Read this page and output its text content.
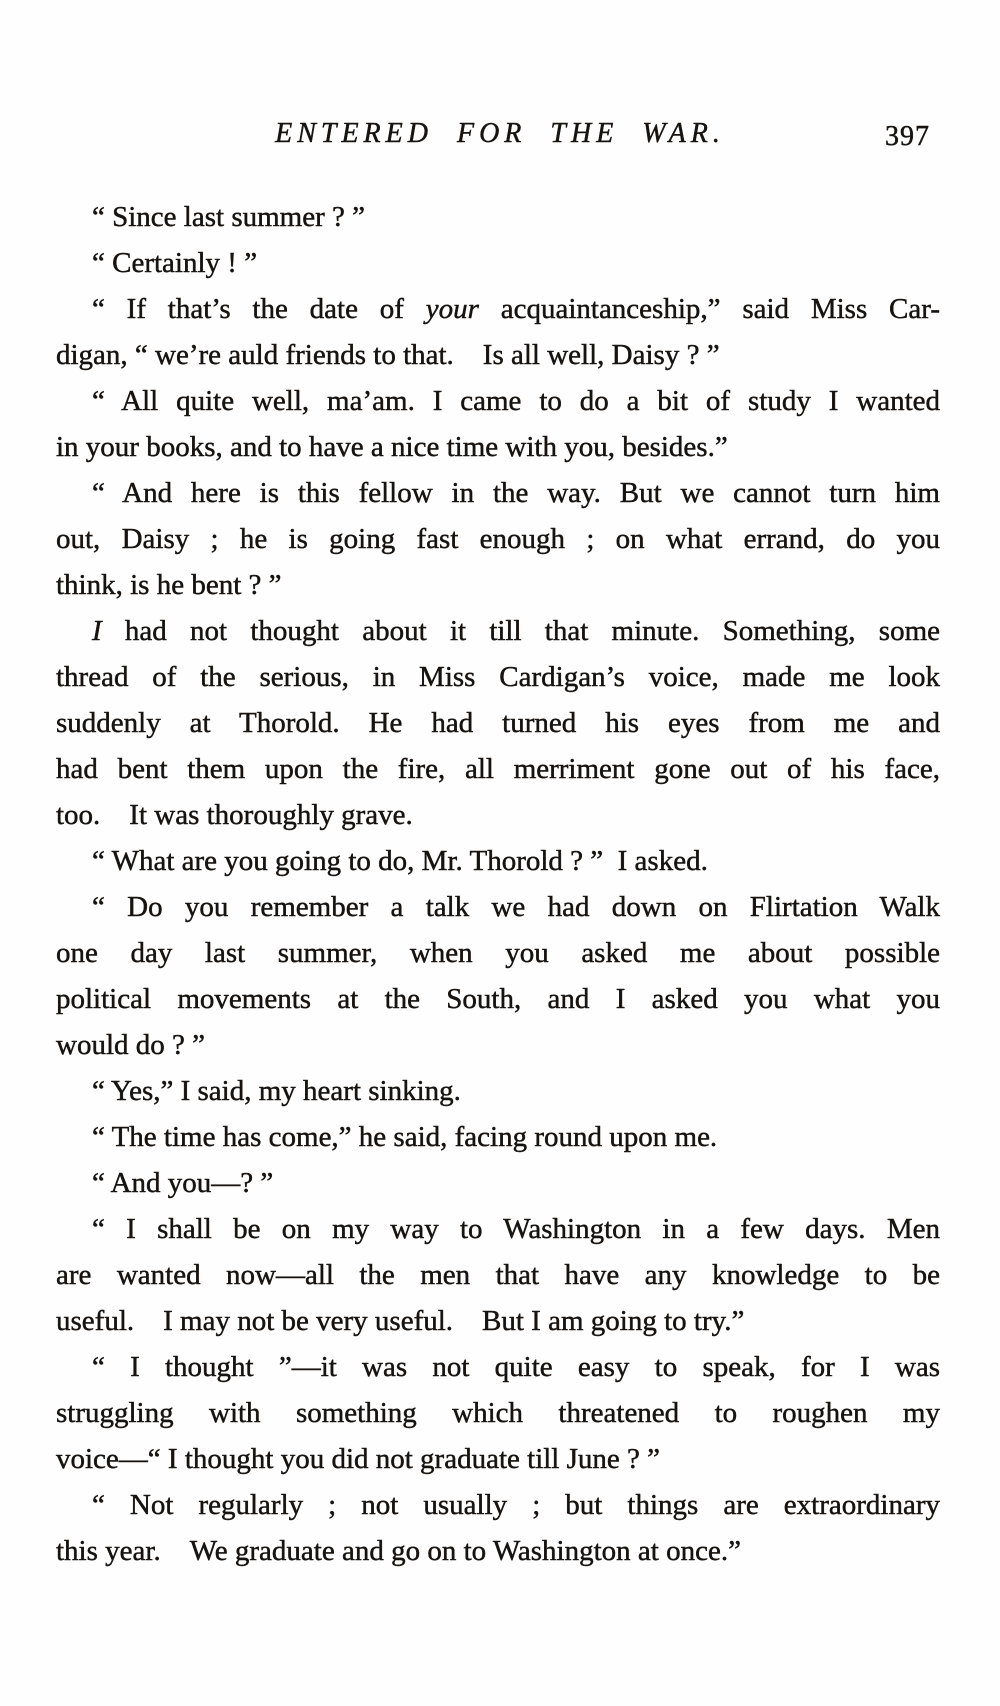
ENTERED FOR THE WAR.	397

“ Since last summer ? ”

“ Certainly ! ”

“ If that’s the date of your acquaintanceship,” said Miss Car-
digan, “ we’re auld friends to that. Is all well, Daisy ? ”

“ All quite well, ma’am. I came to do a bit of study I wanted
in your books, and to have a nice time with you, besides.”

“ And here is this fellow in the way. But we cannot turn him
out, Daisy ; he is going fast enough ; on what errand, do you
think, is he bent ? ”

I had not thought about it till that minute. Something, some
thread of the serious, in Miss Cardigan’s voice, made me look
suddenly at Thorold. He had turned his eyes from me and
had bent them upon the fire, all merriment gone out of his face,
too. It was thoroughly grave.

“ What are you going to do, Mr. Thorold ? ” I asked.

“ Do you remember a talk we had down on Flirtation Walk
one day last summer, when you asked me about possible
political movements at the South, and I asked you what you
would do ? ”

“ Yes,” I said, my heart sinking.

“ The time has come,” he said, facing round upon me.

“ And you—? ”

“ I shall be on my way to Washington in a few days. Men
are wanted now—all the men that have any knowledge to be
useful. I may not be very useful. But I am going to try.”

“ I thought ”—it was not quite easy to speak, for I was
struggling with something which threatened to roughen my
voice—“ I thought you did not graduate till June ? ”

“ Not regularly ; not usually ; but things are extraordinary
this year. We graduate and go on to Washington at once.”
